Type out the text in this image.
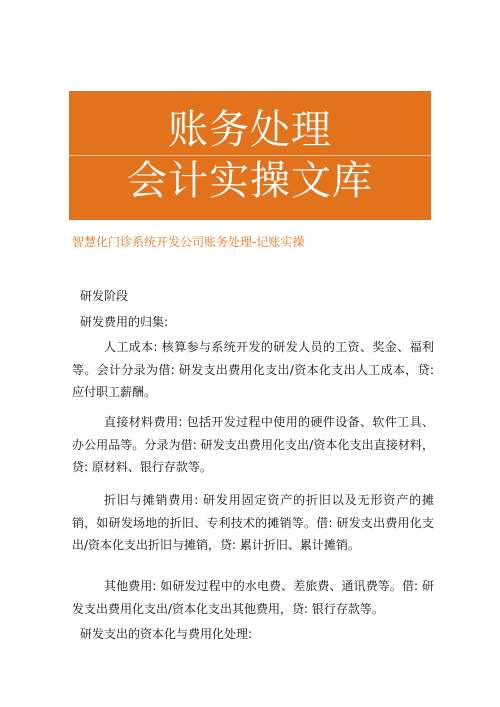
账务处理
会计实操文库
智慧化门诊系统开发公司账务处理-记账实操
研发阶段
研发费用的归集:
人工成本: 核算参与系统开发的研发人员的工资、奖金、福利等。会计分录为借: 研发支出费用化支出/资本化支出人工成本，贷: 应付职工薪酬。
直接材料费用: 包括开发过程中使用的硬件设备、软件工具、办公用品等。分录为借: 研发支出费用化支出/资本化支出直接材料，贷: 原材料、银行存款等。
折旧与摊销费用: 研发用固定资产的折旧以及无形资产的摊销，如研发场地的折旧、专利技术的摊销等。借: 研发支出费用化支出/资本化支出折旧与摊销，贷: 累计折旧、累计摊销。
其他费用: 如研发过程中的水电费、差旅费、通讯费等。借: 研发支出费用化支出/资本化支出其他费用，贷: 银行存款等。
研发支出的资本化与费用化处理:
